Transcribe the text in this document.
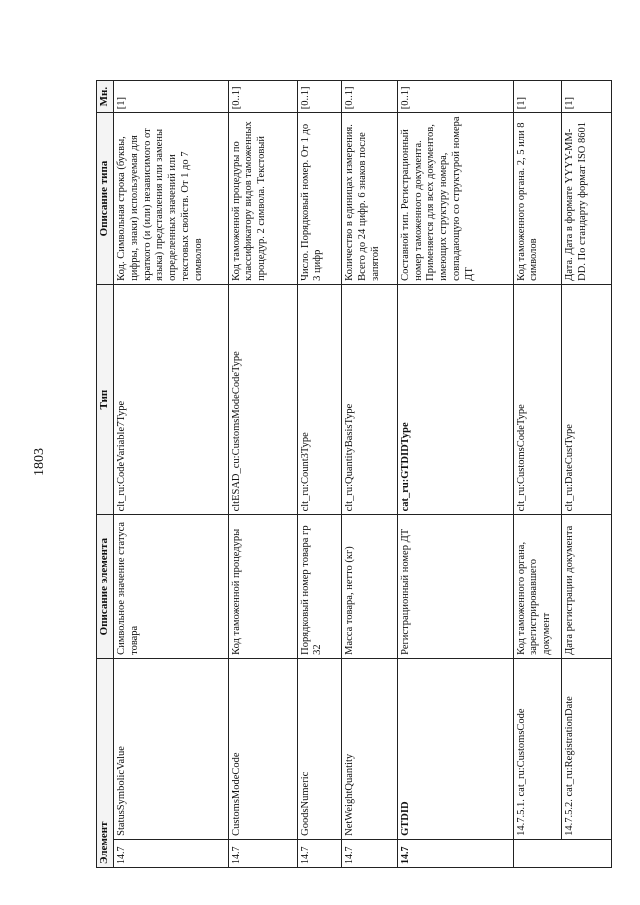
1803
Элемент		Описание элемента	Тип	Описание типа	Мн.
14.7	StatusSymbolicValue	Символьное значение статуса товара	clt_ru:CodeVariable7Type	Код. Символьная строка (буквы, цифры, знаки) используемая для краткого (и (или) независимого от языка) представления или замены определенных значений или текстовых свойств. От 1 до 7 символов	[1]
14.7	CustomsModeCode	Код таможенной процедуры	cltESAD_cu:CustomsModeCodeType	Код таможенной процедуры по классификатору видов таможенных процедур. 2 символа. Текстовый	[0..1]
14.7	GoodsNumeric	Порядковый номер товара гр 32	clt_ru:Count3Type	Число. Порядковый номер. От 1 до 3 цифр	[0..1]
14.7	NetWeightQuantity	Масса товара, нетто (кг)	clt_ru:QuantityBasisType	Количество в единицах измерения. Всего до 24 цифр. 6 знаков после запятой	[0..1]
14.7	GTDID	Регистрационный номер ДТ	cat_ru:GTDIDType	Составной тип. Регистрационный номер таможенного документа. Применяется для всех документов, имеющих структуру номера, совпадающую со структурой номера ДТ	[0..1]
	14.7.5.1. cat_ru:CustomsCode	Код таможенного органа, зарегистрировавшего документ	clt_ru:CustomsCodeType	Код таможенного органа. 2, 5 или 8 символов	[1]
	14.7.5.2. cat_ru:RegistrationDate	Дата регистрации документа	clt_ru:DateCustType	Дата. Дата в формате YYYY-MM-DD. По стандарту формат ISO 8601	[1]
